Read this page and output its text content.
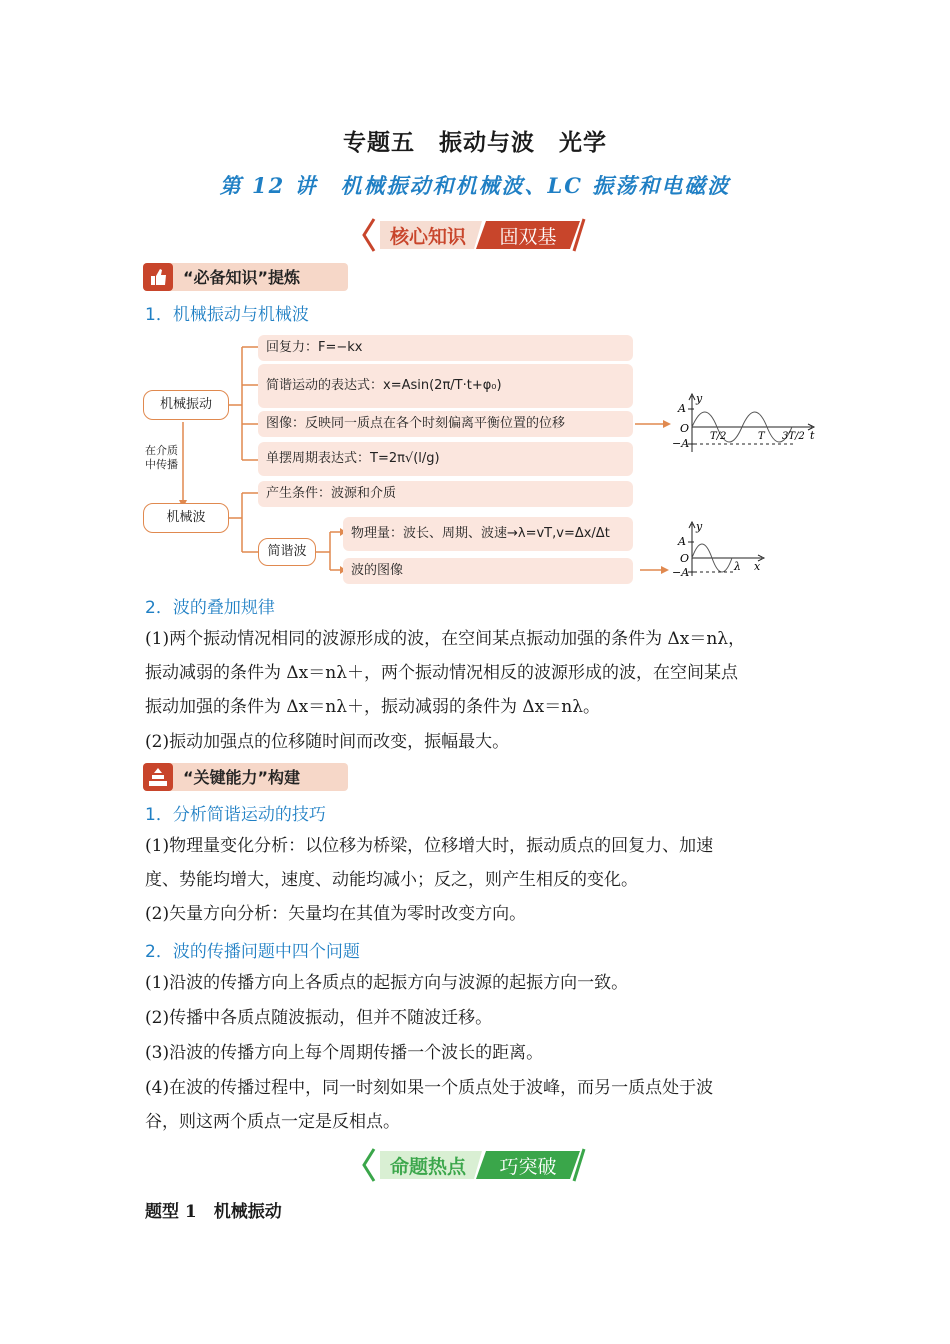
专题五　振动与波　光学
第 12 讲　机械振动和机械波、LC 振荡和电磁波
核心知识 固双基
“必备知识”提炼
1．机械振动与机械波
机械振动
机械波
简谐波
在介质中传播
回复力：F=−kx
简谐运动的表达式：x=Asin(2π/T·t+φ₀)
图像：反映同一质点在各个时刻偏离平衡位置的位移
单摆周期表达式：T=2π√(l/g)
产生条件：波源和介质
物理量：波长、周期、波速→λ=vT,v=Δx/Δt
波的图像
A
y
O
−A
t
T/2	T 3T/2
A
y
O
−A	λ x
2．波的叠加规律
(1)两个振动情况相同的波源形成的波，在空间某点振动加强的条件为 Δx＝nλ，
振动减弱的条件为 Δx＝nλ＋，两个振动情况相反的波源形成的波，在空间某点
振动加强的条件为 Δx＝nλ＋，振动减弱的条件为 Δx＝nλ。
(2)振动加强点的位移随时间而改变，振幅最大。
“关键能力”构建
1．分析简谐运动的技巧
(1)物理量变化分析：以位移为桥梁，位移增大时，振动质点的回复力、加速
度、势能均增大，速度、动能均减小；反之，则产生相反的变化。
(2)矢量方向分析：矢量均在其值为零时改变方向。
2．波的传播问题中四个问题
(1)沿波的传播方向上各质点的起振方向与波源的起振方向一致。
(2)传播中各质点随波振动，但并不随波迁移。
(3)沿波的传播方向上每个周期传播一个波长的距离。
(4)在波的传播过程中，同一时刻如果一个质点处于波峰，而另一质点处于波
谷，则这两个质点一定是反相点。
命题热点 巧突破
题型 1　机械振动
